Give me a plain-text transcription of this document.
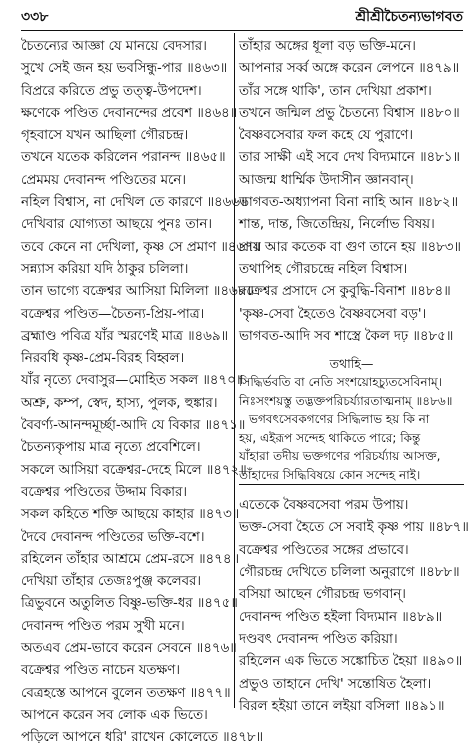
৩৩৮	শ্রীশ্রীচৈতন্যভাগবত
চৈতন্যের আজ্ঞা যে মানয়ে বেদসার।
সুখে সেই জন হয় ভবসিন্ধু-পার ॥৪৬৩॥
বিপ্ররে করিতে প্রভু তত্ত্ব-উপদেশ।
ক্ষণেকে পণ্ডিত দেবানন্দের প্রবেশ ॥৪৬৪॥
গৃহবাসে যখন আছিলা গৌরচন্দ্র।
তখনে যতেক করিলেন পরানন্দ ॥৪৬৫॥
প্রেমময় দেবানন্দ পণ্ডিতের মনে।
নহিল বিশ্বাস, না দেখিল তে কারণে ॥৪৬৬॥
দেখিবার যোগ্যতা আছয়ে পুনঃ তান।
তবে কেনে না দেখিলা, কৃষ্ণ সে প্রমাণ ॥৪৬৭॥
সন্ন্যাস করিয়া যদি ঠাকুর চলিলা।
তান ভাগ্যে বক্রেশ্বর আসিয়া মিলিলা ॥৪৬৮॥
বক্রেশ্বর পণ্ডিত—চৈতন্য-প্রিয়-পাত্র।
ব্রহ্মাণ্ড পবিত্র যাঁর স্মরণেই মাত্র ॥৪৬৯॥
নিরবধি কৃষ্ণ-প্রেম-বিরহ বিহ্বল।
যাঁর নৃত্যে দেবাসুর—মোহিত সকল ॥৪৭০॥
অশ্রু, কম্প, স্বেদ, হাস্য, পুলক, হুঙ্কার।
বৈবর্ণ্য-আনন্দমূর্চ্ছা-আদি যে বিকার ॥৪৭১॥
চৈতন্যকৃপায় মাত্র নৃত্যে প্রবেশিলে।
সকলে আসিয়া বক্রেশ্বর-দেহে মিলে ॥৪৭২॥
বক্রেশ্বর পণ্ডিতের উদ্দাম বিকার।
সকল কহিতে শক্তি আছয়ে কাহার ॥৪৭৩॥
দৈবে দেবানন্দ পণ্ডিতের ভক্তি-বশে।
রহিলেন তাঁহার আশ্রমে প্রেম-রসে ॥৪৭৪॥
দেখিয়া তাঁহার তেজঃপুঞ্জ কলেবর।
ত্রিভুবনে অতুলিত বিষ্ণু-ভক্তি-ধর ॥৪৭৫॥
দেবানন্দ পণ্ডিত পরম সুখী মনে।
অতএব প্রেম-ভাবে করেন সেবনে ॥৪৭৬॥
বক্রেশ্বর পণ্ডিত নাচেন যতক্ষণ।
বেত্রহস্তে আপনে বুলেন ততক্ষণ ॥৪৭৭॥
আপনে করেন সব লোক এক ভিতে।
পড়িলে আপনে ধরি' রাখেন কোলেতে ॥৪৭৮॥
তাঁহার অঙ্গের ধূলা বড় ভক্তি-মনে।
আপনার সর্ব্ব অঙ্গে করেন লেপনে ॥৪৭৯॥
তাঁর সঙ্গে থাকি', তান দেখিয়া প্রকাশ।
তখনে জন্মিল প্রভু চৈতন্যে বিশ্বাস ॥৪৮০॥
বৈষ্ণবসেবার ফল কহে যে পুরাণে।
তার সাক্ষী এই সবে দেখ বিদ্যমানে ॥৪৮১॥
আজন্ম ধার্ম্মিক উদাসীন জ্ঞানবান্।
ভাগবত-অধ্যাপনা বিনা নাহি আন ॥৪৮২॥
শান্ত, দান্ত, জিতেন্দ্রিয়, নির্লোভ বিষয়।
প্রায় আর কতেক বা গুণ তানে হয় ॥৪৮৩॥
তথাপিহ গৌরচন্দ্রে নহিল বিশ্বাস।
বক্রেশ্বর প্রসাদে সে কুবুদ্ধি-বিনাশ ॥৪৮৪॥
'কৃষ্ণ-সেবা হৈতেও বৈষ্ণবসেবা বড়'।
ভাগবত-আদি সব শাস্ত্রে কৈল দঢ় ॥৪৮৫॥
তথাহি—
সিদ্ধির্ভবতি বা নেতি সংশয়োহচ্যুতসেবিনাম্।
নিঃসংশয়স্তু তদ্ভক্তপরিচর্য্যারতাত্মনাম্ ॥৪৮৬॥
ভগবৎসেবকগণের সিদ্ধিলাভ হয় কি না
হয়, এইরূপ সন্দেহ থাকিতে পারে; কিন্তু
যাঁহারা তদীয় ভক্তগণের পরিচর্য্যায় আসক্ত,
তাঁহাদের সিদ্ধিবিষয়ে কোন সন্দেহ নাই।
এতেকে বৈষ্ণবসেবা পরম উপায়।
ভক্ত-সেবা হৈতে সে সবাই কৃষ্ণ পায় ॥৪৮৭॥
বক্রেশ্বর পণ্ডিতের সঙ্গের প্রভাবে।
গৌরচন্দ্র দেখিতে চলিলা অনুরাগে ॥৪৮৮॥
বসিয়া আছেন গৌরচন্দ্র ভগবান্।
দেবানন্দ পণ্ডিত হইলা বিদ্যমান ॥৪৮৯॥
দণ্ডবৎ দেবানন্দ পণ্ডিত করিয়া।
রহিলেন এক ভিতে সঙ্কোচিত হৈয়া ॥৪৯০॥
প্রভুও তাহানে দেখি' সন্তোষিত হৈলা।
বিরল হইয়া তানে লইয়া বসিলা ॥৪৯১॥
